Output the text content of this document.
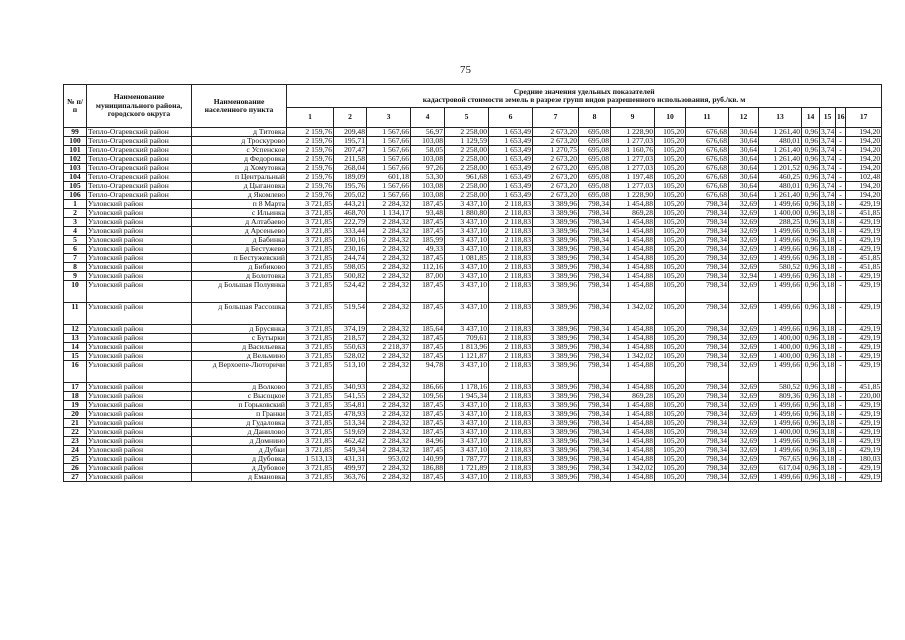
75
№ п/п	Наименование муниципального района, городского округа	Наименование населенного пункта	Средние значения удельных показателей
кадастровой стоимости земель в разрезе групп видов разрешенного использования, руб./кв. м																

			1	2	3	4	5	6	7	8	9	10	11	12	13	14	15	16	17
99	Тепло-Огаревский район	д Титовка	2 159,76	209,48	1 567,66	56,97	2 258,00	1 653,49	2 673,20	695,08	1 228,90	105,20	676,68	30,64	1 261,40	0,96	3,74	-	194,20
100	Тепло-Огаревский район	д Троскурово	2 159,76	195,71	1 567,66	103,08	1 129,59	1 653,49	2 673,20	695,08	1 277,03	105,20	676,68	30,64	480,01	0,96	3,74	-	194,20
101	Тепло-Огаревский район	с Успенское	2 159,76	207,47	1 567,66	58,05	2 258,00	1 653,49	1 270,75	695,08	1 160,76	105,20	676,68	30,64	1 261,40	0,96	3,74	-	194,20
102	Тепло-Огаревский район	д Федоровка	2 159,76	211,58	1 567,66	103,08	2 258,00	1 653,49	2 673,20	695,08	1 277,03	105,20	676,68	30,64	1 261,40	0,96	3,74	-	194,20
103	Тепло-Огаревский район	д Хомутовка	2 159,76	268,04	1 567,66	97,26	2 258,00	1 653,49	2 673,20	695,08	1 277,03	105,20	676,68	30,64	1 201,52	0,96	3,74	-	194,20
104	Тепло-Огаревский район	п Центральный	2 159,76	189,09	601,18	53,30	961,68	1 653,49	2 673,20	695,08	1 197,48	105,20	676,68	30,64	460,25	0,96	3,74	-	102,48
105	Тепло-Огаревский район	д Цыгановка	2 159,76	195,76	1 567,66	103,08	2 258,00	1 653,49	2 673,20	695,08	1 277,03	105,20	676,68	30,64	480,01	0,96	3,74	-	194,20
106	Тепло-Огаревский район	д Якомлево	2 159,76	205,02	1 567,66	103,08	2 258,00	1 653,49	2 673,20	695,08	1 228,90	105,20	676,68	30,64	1 261,40	0,96	3,74	-	194,20
1	Узловский район	п 8 Марта	3 721,85	443,21	2 284,32	187,45	3 437,10	2 118,83	3 389,96	798,34	1 454,88	105,20	798,34	32,69	1 499,66	0,96	3,18	-	429,19
2	Узловский район	с Ильинка	3 721,85	468,70	1 134,17	93,48	1 880,80	2 118,83	3 389,96	798,34	869,28	105,20	798,34	32,69	1 400,00	0,96	3,18	-	451,85
3	Узловский район	д Алтабаево	3 721,85	222,79	2 284,32	187,45	3 437,10	2 118,83	3 389,96	798,34	1 454,88	105,20	798,34	32,69	288,25	0,96	3,18	-	429,19
4	Узловский район	д Арсеньево	3 721,85	333,44	2 284,32	187,45	3 437,10	2 118,83	3 389,96	798,34	1 454,88	105,20	798,34	32,69	1 499,66	0,96	3,18	-	429,19
5	Узловский район	д Бабинка	3 721,85	230,16	2 284,32	185,99	3 437,10	2 118,83	3 389,96	798,34	1 454,88	105,20	798,34	32,69	1 499,66	0,96	3,18	-	429,19
6	Узловский район	д Бестужево	3 721,85	230,16	2 284,32	49,33	3 437,10	2 118,83	3 389,96	798,34	1 454,88	105,20	798,34	32,69	1 499,66	0,96	3,18	-	429,19
7	Узловский район	п Бестужевский	3 721,85	244,74	2 284,32	187,45	1 081,85	2 118,83	3 389,96	798,34	1 454,88	105,20	798,34	32,69	1 499,66	0,96	3,18	-	451,85
8	Узловский район	д Бибиково	3 721,85	598,05	2 284,32	112,16	3 437,10	2 118,83	3 389,96	798,34	1 454,88	105,20	798,34	32,69	580,52	0,96	3,18	-	451,85
9	Узловский район	д Болотовка	3 721,85	500,82	2 284,32	87,00	3 437,10	2 118,83	3 389,96	798,34	1 454,88	105,20	798,34	32,94	1 499,66	0,96	3,18	-	429,19
10	Узловский район	д Большая Полуянка	3 721,85	524,42	2 284,32	187,45	3 437,10	2 118,83	3 389,96	798,34	1 454,88	105,20	798,34	32,69	1 499,66	0,96	3,18	-	429,19
11	Узловский район	д Большая Рассошка	3 721,85	519,54	2 284,32	187,45	3 437,10	2 118,83	3 389,96	798,34	1 342,02	105,20	798,34	32,69	1 499,66	0,96	3,18	-	429,19
12	Узловский район	д Брусянка	3 721,85	374,19	2 284,32	185,64	3 437,10	2 118,83	3 389,96	798,34	1 454,88	105,20	798,34	32,69	1 499,66	0,96	3,18	-	429,19
13	Узловский район	с Бутырки	3 721,85	218,57	2 284,32	187,45	709,61	2 118,83	3 389,96	798,34	1 454,88	105,20	798,34	32,69	1 400,00	0,96	3,18	-	429,19
14	Узловский район	д Васильевка	3 721,85	550,63	2 218,37	187,45	1 813,96	2 118,83	3 389,96	798,34	1 454,88	105,20	798,34	32,69	1 400,00	0,96	3,18	-	429,19
15	Узловский район	д Вельмино	3 721,85	528,02	2 284,32	187,45	1 121,87	2 118,83	3 389,96	798,34	1 342,02	105,20	798,34	32,69	1 400,00	0,96	3,18	-	429,19
16	Узловский район	д Верхоепе-Люторичи	3 721,85	513,10	2 284,32	94,78	3 437,10	2 118,83	3 389,96	798,34	1 454,88	105,20	798,34	32,69	1 499,66	0,96	3,18	-	429,19
17	Узловский район	д Волково	3 721,85	340,93	2 284,32	186,66	1 178,16	2 118,83	3 389,96	798,34	1 454,88	105,20	798,34	32,69	580,52	0,96	3,18	-	451,85
18	Узловский район	с Высоцкое	3 721,85	541,55	2 284,32	109,56	1 945,34	2 118,83	3 389,96	798,34	869,28	105,20	798,34	32,69	809,36	0,96	3,18	-	220,00
19	Узловский район	п Горьковский	3 721,85	354,81	2 284,32	187,45	3 437,10	2 118,83	3 389,96	798,34	1 454,88	105,20	798,34	32,69	1 499,66	0,96	3,18	-	429,19
20	Узловский район	п Гранки	3 721,85	478,93	2 284,32	187,45	3 437,10	2 118,83	3 389,96	798,34	1 454,88	105,20	798,34	32,69	1 499,66	0,96	3,18	-	429,19
21	Узловский район	д Гудаловка	3 721,85	513,34	2 284,32	187,45	3 437,10	2 118,83	3 389,96	798,34	1 454,88	105,20	798,34	32,69	1 499,66	0,96	3,18	-	429,19
22	Узловский район	д Данилово	3 721,85	519,69	2 284,32	187,45	3 437,10	2 118,83	3 389,96	798,34	1 454,88	105,20	798,34	32,69	1 400,00	0,96	3,18	-	429,19
23	Узловский район	д Домнино	3 721,85	462,42	2 284,32	84,96	3 437,10	2 118,83	3 389,96	798,34	1 454,88	105,20	798,34	32,69	1 499,66	0,96	3,18	-	429,19
24	Узловский район	д Дубки	3 721,85	549,34	2 284,32	187,45	3 437,10	2 118,83	3 389,96	798,34	1 454,88	105,20	798,34	32,69	1 499,66	0,96	3,18	-	429,19
25	Узловский район	д Дубовка	1 513,13	431,31	953,02	140,99	1 787,77	2 118,83	3 389,96	798,34	1 454,88	105,20	798,34	32,69	767,65	0,96	3,18	-	180,03
26	Узловский район	д Дубовое	3 721,85	499,97	2 284,32	186,88	1 721,89	2 118,83	3 389,96	798,34	1 342,02	105,20	798,34	32,69	617,04	0,96	3,18	-	429,19
27	Узловский район	д Емановка	3 721,85	363,76	2 284,32	187,45	3 437,10	2 118,83	3 389,96	798,34	1 454,88	105,20	798,34	32,69	1 499,66	0,96	3,18	-	429,19
